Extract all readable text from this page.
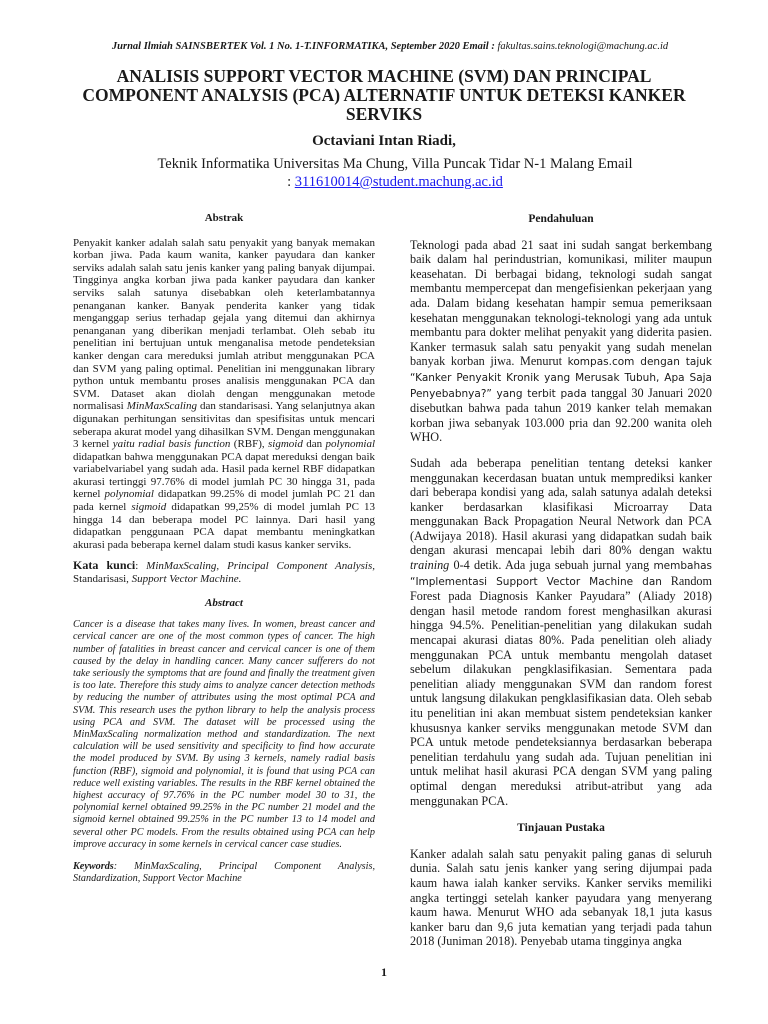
Jurnal Ilmiah SAINSBERTEK Vol. 1 No. 1-T.INFORMATIKA, September 2020 Email : fakultas.sains.teknologi@machung.ac.id
ANALISIS SUPPORT VECTOR MACHINE (SVM) DAN PRINCIPAL COMPONENT ANALYSIS (PCA) ALTERNATIF UNTUK DETEKSI KANKER SERVIKS
Octaviani Intan Riadi,
Teknik Informatika Universitas Ma Chung, Villa Puncak Tidar N-1 Malang Email
: 311610014@student.machung.ac.id
Abstrak

Penyakit kanker adalah salah satu penyakit yang banyak memakan korban jiwa. Pada kaum wanita, kanker payudara dan kanker serviks adalah salah satu jenis kanker yang paling banyak dijumpai. Tingginya angka korban jiwa pada kanker payudara dan kanker serviks salah satunya disebabkan oleh keterlambatannya penanganan kanker. Banyak penderita kanker yang tidak menganggap serius terhadap gejala yang ditemui dan akhirnya penanganan yang diberikan menjadi terlambat. Oleh sebab itu penelitian ini bertujuan untuk menganalisa metode pendeteksian kanker dengan cara mereduksi jumlah atribut menggunakan PCA dan SVM yang paling optimal. Penelitian ini menggunakan library python untuk membantu proses analisis menggunakan PCA dan SVM. Dataset akan diolah dengan menggunakan metode normalisasi MinMaxScaling dan standarisasi. Yang selanjutnya akan digunakan perhitungan sensitivitas dan spesifisitas untuk mencari seberapa akurat model yang dihasilkan SVM. Dengan menggunakan 3 kernel yaitu radial basis function (RBF), sigmoid dan polynomial didapatkan bahwa menggunakan PCA dapat mereduksi dengan baik variabelvariabel yang sudah ada. Hasil pada kernel RBF didapatkan akurasi tertinggi 97.76% di model jumlah PC 30 hingga 31, pada kernel polynomial didapatkan 99.25% di model jumlah PC 21 dan pada kernel sigmoid didapatkan 99,25% di model jumlah PC 13 hingga 14 dan beberapa model PC lainnya. Dari hasil yang didapatkan penggunaan PCA dapat membantu meningkatkan akurasi pada beberapa kernel dalam studi kasus kanker serviks.

Kata kunci: MinMaxScaling, Principal Component Analysis, Standarisasi, Support Vector Machine.

Abstract

Cancer is a disease that takes many lives. In women, breast cancer and cervical cancer are one of the most common types of cancer. The high number of fatalities in breast cancer and cervical cancer is one of them caused by the delay in handling cancer. Many cancer sufferers do not take seriously the symptoms that are found and finally the treatment given is too late. Therefore this study aims to analyze cancer detection methods by reducing the number of attributes using the most optimal PCA and SVM. This research uses the python library to help the analysis process using PCA and SVM. The dataset will be processed using the MinMaxScaling normalization method and standardization. The next calculation will be used sensitivity and specificity to find how accurate the model produced by SVM. By using 3 kernels, namely radial basis function (RBF), sigmoid and polynomial, it is found that using PCA can reduce well existing variables. The results in the RBF kernel obtained the highest accuracy of 97.76% in the PC number model 30 to 31, the polynomial kernel obtained 99.25% in the PC number 21 model and the sigmoid kernel obtained 99.25% in the PC number 13 to 14 model and several other PC models. From the results obtained using PCA can help improve accuracy in some kernels in cervical cancer case studies.

Keywords: MinMaxScaling, Principal Component Analysis, Standardization, Support Vector Machine

Pendahuluan

Teknologi pada abad 21 saat ini sudah sangat berkembang baik dalam hal perindustrian, komunikasi, militer maupun keasehatan. Di berbagai bidang, teknologi sudah sangat membantu mempercepat dan mengefisienkan pekerjaan yang ada. Dalam bidang kesehatan hampir semua pemeriksaan kesehatan menggunakan teknologi-teknologi yang ada untuk membantu para dokter melihat penyakit yang diderita pasien. Kanker termasuk salah satu penyakit yang sudah menelan banyak korban jiwa. Menurut kompas.com dengan tajuk “Kanker Penyakit Kronik yang Merusak Tubuh, Apa Saja Penyebabnya?” yang terbit pada tanggal 30 Januari 2020 disebutkan bahwa pada tahun 2019 kanker telah memakan korban jiwa sebanyak 103.000 pria dan 92.200 wanita oleh WHO.

Sudah ada beberapa penelitian tentang deteksi kanker menggunakan kecerdasan buatan untuk memprediksi kanker dari beberapa kondisi yang ada, salah satunya adalah deteksi kanker berdasarkan klasifikasi Microarray Data menggunakan Back Propagation Neural Network dan PCA (Adwijaya 2018). Hasil akurasi yang didapatkan sudah baik dengan akurasi mencapai lebih dari 80% dengan waktu training 0-4 detik. Ada juga sebuah jurnal yang membahas “Implementasi Support Vector Machine dan Random Forest pada Diagnosis Kanker Payudara” (Aliady 2018) dengan hasil metode random forest menghasilkan akurasi hingga 94.5%. Penelitian-penelitian yang dilakukan sudah mencapai akurasi diatas 80%. Pada penelitian oleh aliady menggunakan PCA untuk membantu mengolah dataset sebelum dilakukan pengklasifikasian. Sementara pada penelitian aliady menggunakan SVM dan random forest untuk langsung dilakukan pengklasifikasian data. Oleh sebab itu penelitian ini akan membuat sistem pendeteksian kanker khususnya kanker serviks menggunakan metode SVM dan PCA untuk metode pendeteksiannya berdasarkan beberapa penelitian terdahulu yang sudah ada. Tujuan penelitian ini untuk melihat hasil akurasi PCA dengan SVM yang paling optimal dengan mereduksi atribut-atribut yang ada menggunakan PCA.

Tinjauan Pustaka

Kanker adalah salah satu penyakit paling ganas di seluruh dunia. Salah satu jenis kanker yang sering dijumpai pada kaum hawa ialah kanker serviks. Kanker serviks memiliki angka tertinggi setelah kanker payudara yang menyerang kaum hawa. Menurut WHO ada sebanyak 18,1 juta kasus kanker baru dan 9,6 juta kematian yang terjadi pada tahun 2018 (Juniman 2018). Penyebab utama tingginya angka

1
